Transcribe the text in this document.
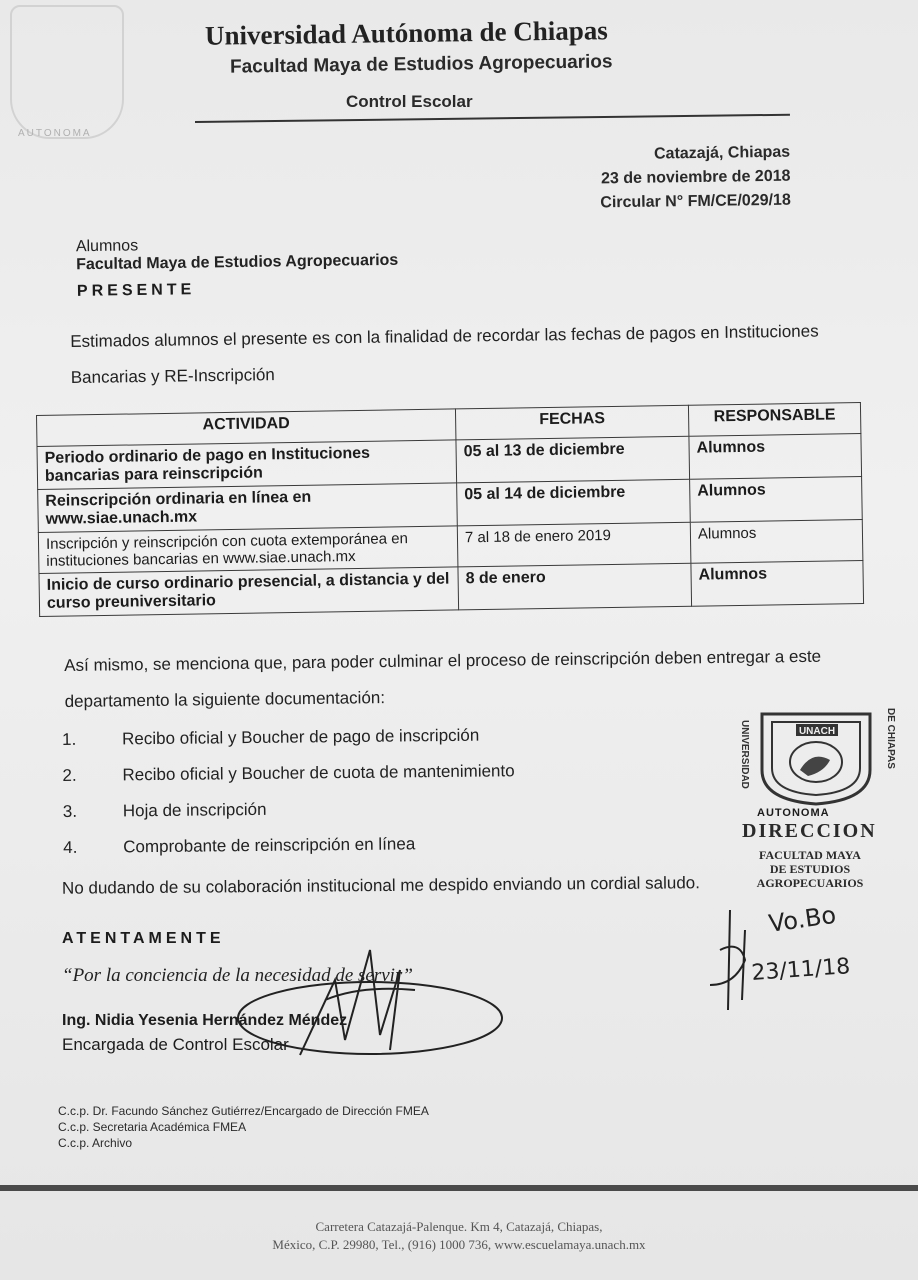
AUTONOMA
Universidad Autónoma de Chiapas
Facultad Maya de Estudios Agropecuarios
Control Escolar
Catazajá, Chiapas
23 de noviembre de 2018
Circular N° FM/CE/029/18
Alumnos
Facultad Maya de Estudios Agropecuarios
PRESENTE
Estimados alumnos el presente es con la finalidad de recordar las fechas de pagos en Instituciones Bancarias y RE-Inscripción
ACTIVIDAD	FECHAS	RESPONSABLE
Periodo ordinario de pago en Instituciones bancarias para reinscripción	05 al 13 de diciembre	Alumnos
Reinscripción ordinaria en línea en www.siae.unach.mx	05 al 14 de diciembre	Alumnos
Inscripción y reinscripción con cuota extemporánea en instituciones bancarias en www.siae.unach.mx	7 al 18 de enero 2019	Alumnos
Inicio de curso ordinario presencial, a distancia y del curso preuniversitario	8 de enero	Alumnos
Así mismo, se menciona que, para poder culminar el proceso de reinscripción deben entregar a este departamento la siguiente documentación:
1.	Recibo oficial y Boucher de pago de inscripción
2.	Recibo oficial y Boucher de cuota de mantenimiento
3.	Hoja de inscripción
4.	Comprobante de reinscripción en línea
No dudando de su colaboración institucional me despido enviando un cordial saludo.
UNACH
UNIVERSIDAD	DE CHIAPAS
AUTONOMA
DIRECCION
FACULTAD MAYA
DE ESTUDIOS AGROPECUARIOS
Vo.Bo
23/11/18
ATENTAMENTE
“Por la conciencia de la necesidad de servir”
Ing. Nidia Yesenia Hernández Méndez
Encargada de Control Escolar
C.c.p. Dr. Facundo Sánchez Gutiérrez/Encargado de Dirección FMEA
C.c.p. Secretaria Académica FMEA
C.c.p. Archivo
Carretera Catazajá-Palenque. Km 4, Catazajá, Chiapas,
México, C.P. 29980, Tel., (916) 1000 736, www.escuelamaya.unach.mx
